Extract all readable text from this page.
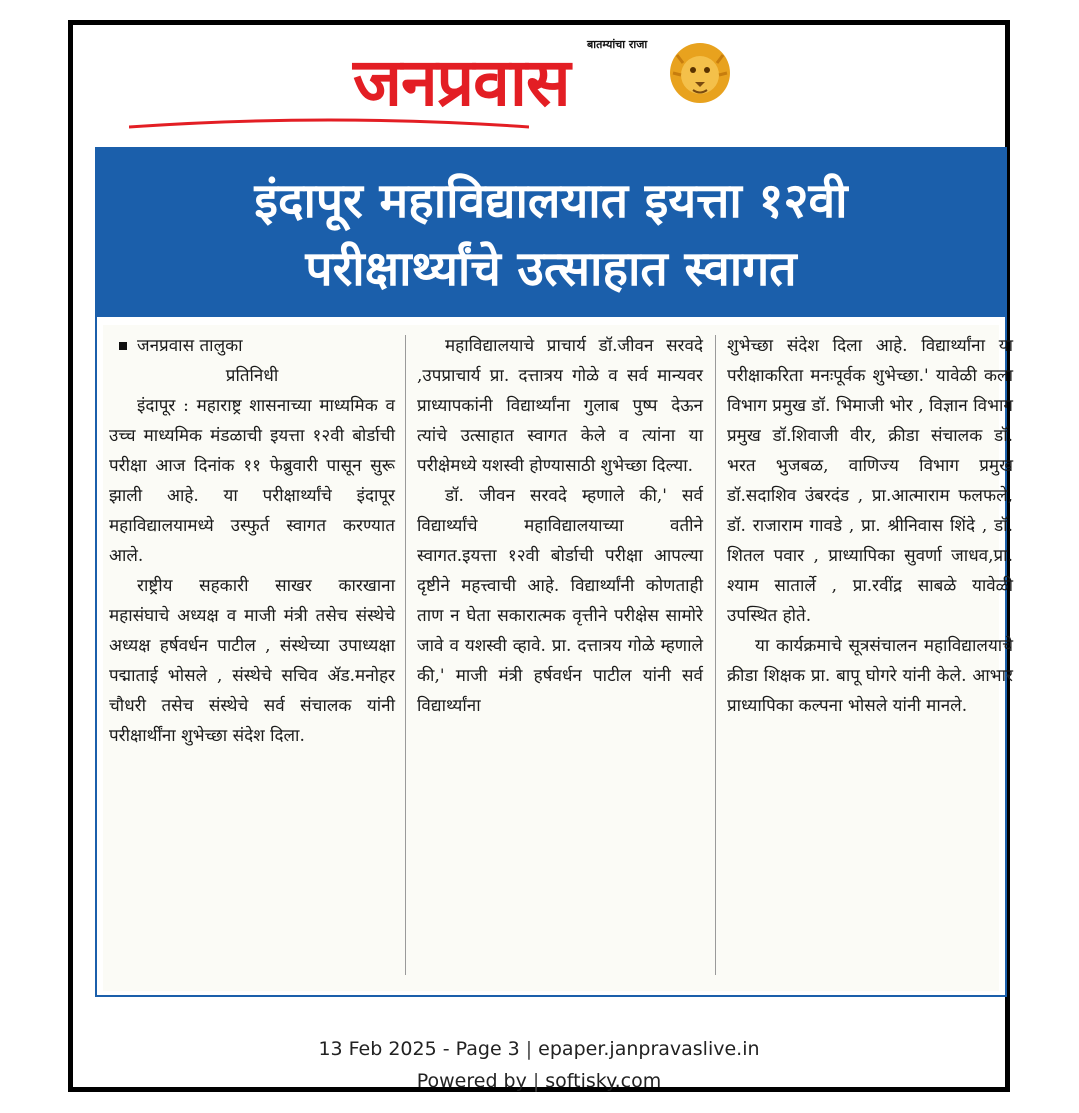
बातम्यांचा राजा
जनप्रवास
इंदापूर महाविद्यालयात इयत्ता १२वी
परीक्षार्थ्यांचे उत्साहात स्वागत

जनप्रवास तालुका

प्रतिनिधी

इंदापूर : महाराष्ट्र शासनाच्या माध्यमिक व उच्च माध्यमिक मंडळाची इयत्ता १२वी बोर्डाची परीक्षा आज दिनांक ११ फेब्रुवारी पासून सुरू झाली आहे. या परीक्षार्थ्यांचे इंदापूर महाविद्यालयामध्ये उस्फुर्त स्वागत करण्यात आले.

राष्ट्रीय सहकारी साखर कारखाना महासंघाचे अध्यक्ष व माजी मंत्री तसेच संस्थेचे अध्यक्ष हर्षवर्धन पाटील , संस्थेच्या उपाध्यक्षा पद्माताई भोसले , संस्थेचे सचिव ॲड.मनोहर चौधरी तसेच संस्थेचे सर्व संचालक यांनी परीक्षार्थींना शुभेच्छा संदेश दिला.

महाविद्यालयाचे प्राचार्य डॉ.जीवन सरवदे ,उपप्राचार्य प्रा. दत्तात्रय गोळे व सर्व मान्यवर प्राध्यापकांनी विद्यार्थ्यांना गुलाब पुष्प देऊन त्यांचे उत्साहात स्वागत केले व त्यांना या परीक्षेमध्ये यशस्वी होण्यासाठी शुभेच्छा दिल्या.

डॉ. जीवन सरवदे म्हणाले की,' सर्व विद्यार्थ्यांचे महाविद्यालयाच्या वतीने स्वागत.इयत्ता १२वी बोर्डाची परीक्षा आपल्या दृष्टीने महत्त्वाची आहे. विद्यार्थ्यांनी कोणताही ताण न घेता सकारात्मक वृत्तीने परीक्षेस सामोरे जावे व यशस्वी व्हावे. प्रा. दत्तात्रय गोळे म्हणाले की,' माजी मंत्री हर्षवर्धन पाटील यांनी सर्व विद्यार्थ्यांना

शुभेच्छा संदेश दिला आहे. विद्यार्थ्यांना या परीक्षाकरिता मनःपूर्वक शुभेच्छा.' यावेळी कला विभाग प्रमुख डॉ. भिमाजी भोर , विज्ञान विभाग प्रमुख डॉ.शिवाजी वीर, क्रीडा संचालक डॉ. भरत भुजबळ, वाणिज्य विभाग प्रमुख डॉ.सदाशिव उंबरदंड , प्रा.आत्माराम फलफले, डॉ. राजाराम गावडे , प्रा. श्रीनिवास शिंदे , डॉ. शितल पवार , प्राध्यापिका सुवर्णा जाधव,प्रा. श्याम सातार्ले , प्रा.रवींद्र साबळे यावेळी उपस्थित होते.

या कार्यक्रमाचे सूत्रसंचालन महाविद्यालयाचे क्रीडा शिक्षक प्रा. बापू घोगरे यांनी केले. आभार प्राध्यापिका कल्पना भोसले यांनी मानले.

13 Feb 2025 - Page 3 | epaper.janpravaslive.in
Powered by | softisky.com
